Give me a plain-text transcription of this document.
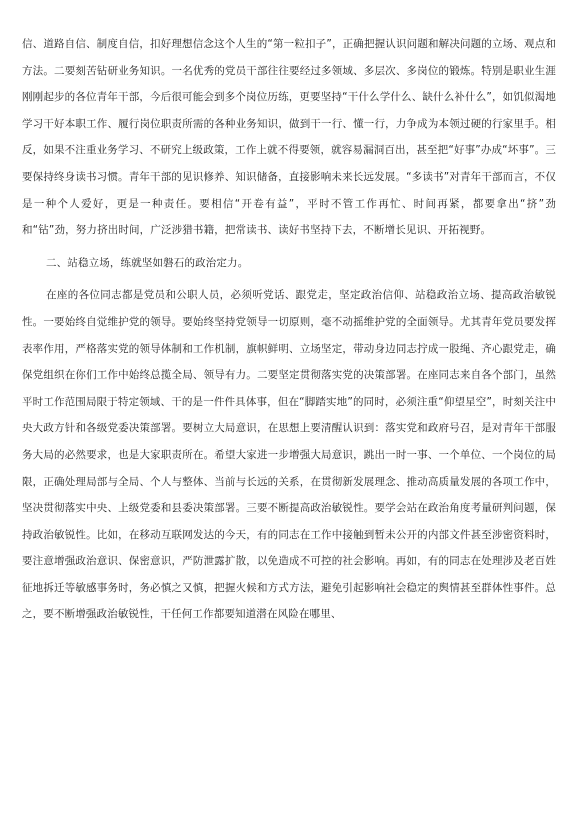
信、道路自信、制度自信，扣好理想信念这个人生的“第一粒扣子”，正确把握认识问题和解决问题的立场、观点和方法。二要刻苦钻研业务知识。一名优秀的党员干部往往要经过多领域、多层次、多岗位的锻炼。特别是职业生涯刚刚起步的各位青年干部，今后很可能会到多个岗位历练，更要坚持“干什么学什么、缺什么补什么”，如饥似渴地学习干好本职工作、履行岗位职责所需的各种业务知识，做到干一行、懂一行，力争成为本领过硬的行家里手。相反，如果不注重业务学习、不研究上级政策，工作上就不得要领，就容易漏洞百出，甚至把“好事”办成“坏事”。三要保持终身读书习惯。青年干部的见识修养、知识储备，直接影响未来长远发展。“多读书”对青年干部而言，不仅是一种个人爱好，更是一种责任。要相信“开卷有益”，平时不管工作再忙、时间再紧，都要拿出“挤”劲和“钻”劲，努力挤出时间，广泛涉猎书籍，把常读书、读好书坚持下去，不断增长见识、开拓视野。

二、站稳立场，练就坚如磐石的政治定力。

在座的各位同志都是党员和公职人员，必须听党话、跟党走，坚定政治信仰、站稳政治立场、提高政治敏锐性。一要始终自觉维护党的领导。要始终坚持党领导一切原则，毫不动摇维护党的全面领导。尤其青年党员要发挥表率作用，严格落实党的领导体制和工作机制，旗帜鲜明、立场坚定，带动身边同志拧成一股绳、齐心跟党走，确保党组织在你们工作中始终总揽全局、领导有力。二要坚定贯彻落实党的决策部署。在座同志来自各个部门，虽然平时工作范围局限于特定领域、干的是一件件具体事，但在“脚踏实地”的同时，必须注重“仰望星空”，时刻关注中央大政方针和各级党委决策部署。要树立大局意识，在思想上要清醒认识到：落实党和政府号召，是对青年干部服务大局的必然要求，也是大家职责所在。希望大家进一步增强大局意识，跳出一时一事、一个单位、一个岗位的局限，正确处理局部与全局、个人与整体、当前与长远的关系，在贯彻新发展理念、推动高质量发展的各项工作中，坚决贯彻落实中央、上级党委和县委决策部署。三要不断提高政治敏锐性。要学会站在政治角度考量研判问题，保持政治敏锐性。比如，在移动互联网发达的今天，有的同志在工作中接触到暂未公开的内部文件甚至涉密资料时，要注意增强政治意识、保密意识，严防泄露扩散，以免造成不可控的社会影响。再如，有的同志在处理涉及老百姓征地拆迁等敏感事务时，务必慎之又慎，把握火候和方式方法，避免引起影响社会稳定的舆情甚至群体性事件。总之，要不断增强政治敏锐性，干任何工作都要知道潜在风险在哪里、
